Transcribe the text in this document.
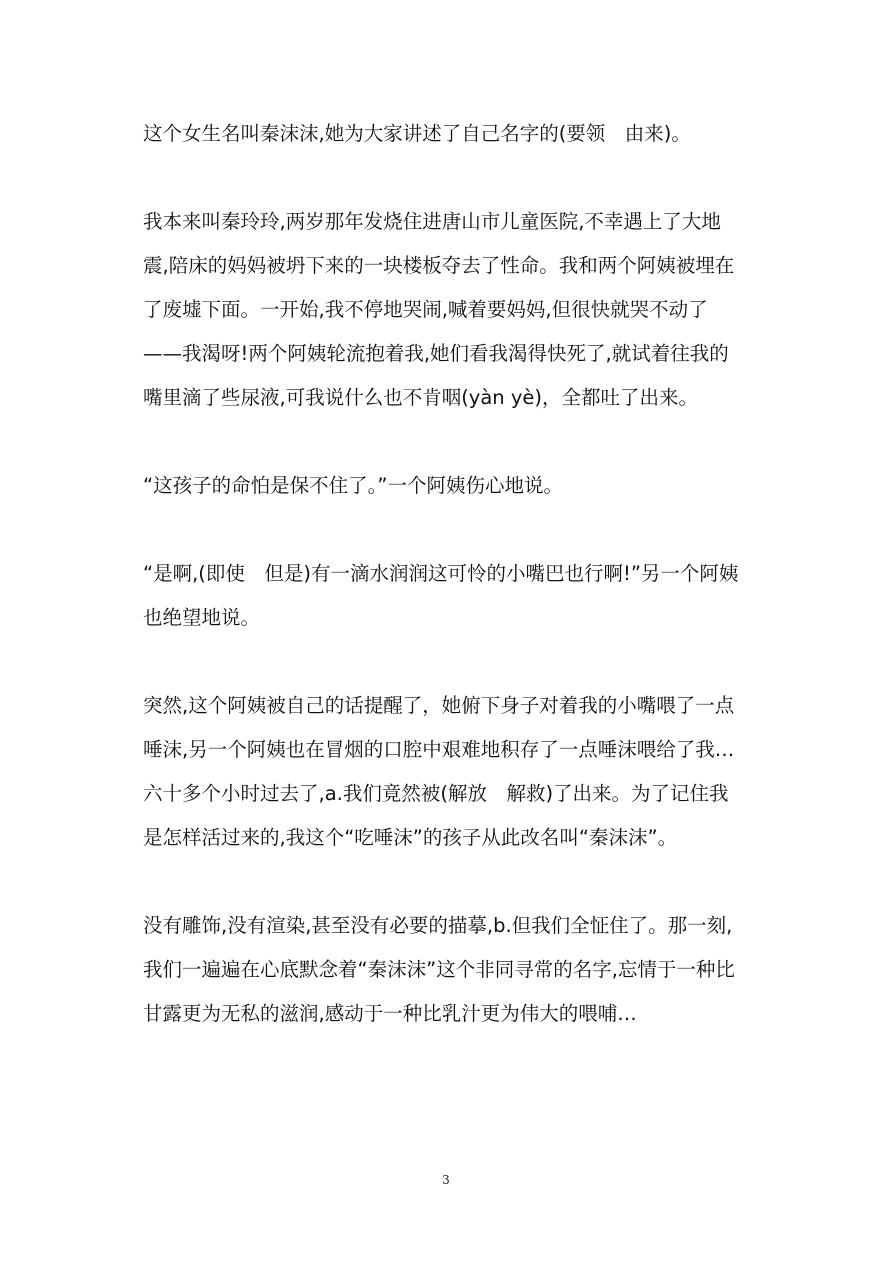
这个女生名叫秦沫沫,她为大家讲述了自己名字的(要领　由来)。

我本来叫秦玲玲,两岁那年发烧住进唐山市儿童医院,不幸遇上了大地震,陪床的妈妈被坍下来的一块楼板夺去了性命。我和两个阿姨被埋在了废墟下面。一开始,我不停地哭闹,喊着要妈妈,但很快就哭不动了——我渴呀!两个阿姨轮流抱着我,她们看我渴得快死了,就试着往我的嘴里滴了些尿液,可我说什么也不肯咽(yàn yè)，全都吐了出来。

“这孩子的命怕是保不住了。”一个阿姨伤心地说。

“是啊,(即使　但是)有一滴水润润这可怜的小嘴巴也行啊!”另一个阿姨也绝望地说。

突然,这个阿姨被自己的话提醒了，她俯下身子对着我的小嘴喂了一点唾沫,另一个阿姨也在冒烟的口腔中艰难地积存了一点唾沫喂给了我…六十多个小时过去了,a.我们竟然被(解放　解救)了出来。为了记住我是怎样活过来的,我这个“吃唾沫”的孩子从此改名叫“秦沫沫”。

没有雕饰,没有渲染,甚至没有必要的描摹,b.但我们全怔住了。那一刻,我们一遍遍在心底默念着“秦沫沫”这个非同寻常的名字,忘情于一种比甘露更为无私的滋润,感动于一种比乳汁更为伟大的喂哺…

3
